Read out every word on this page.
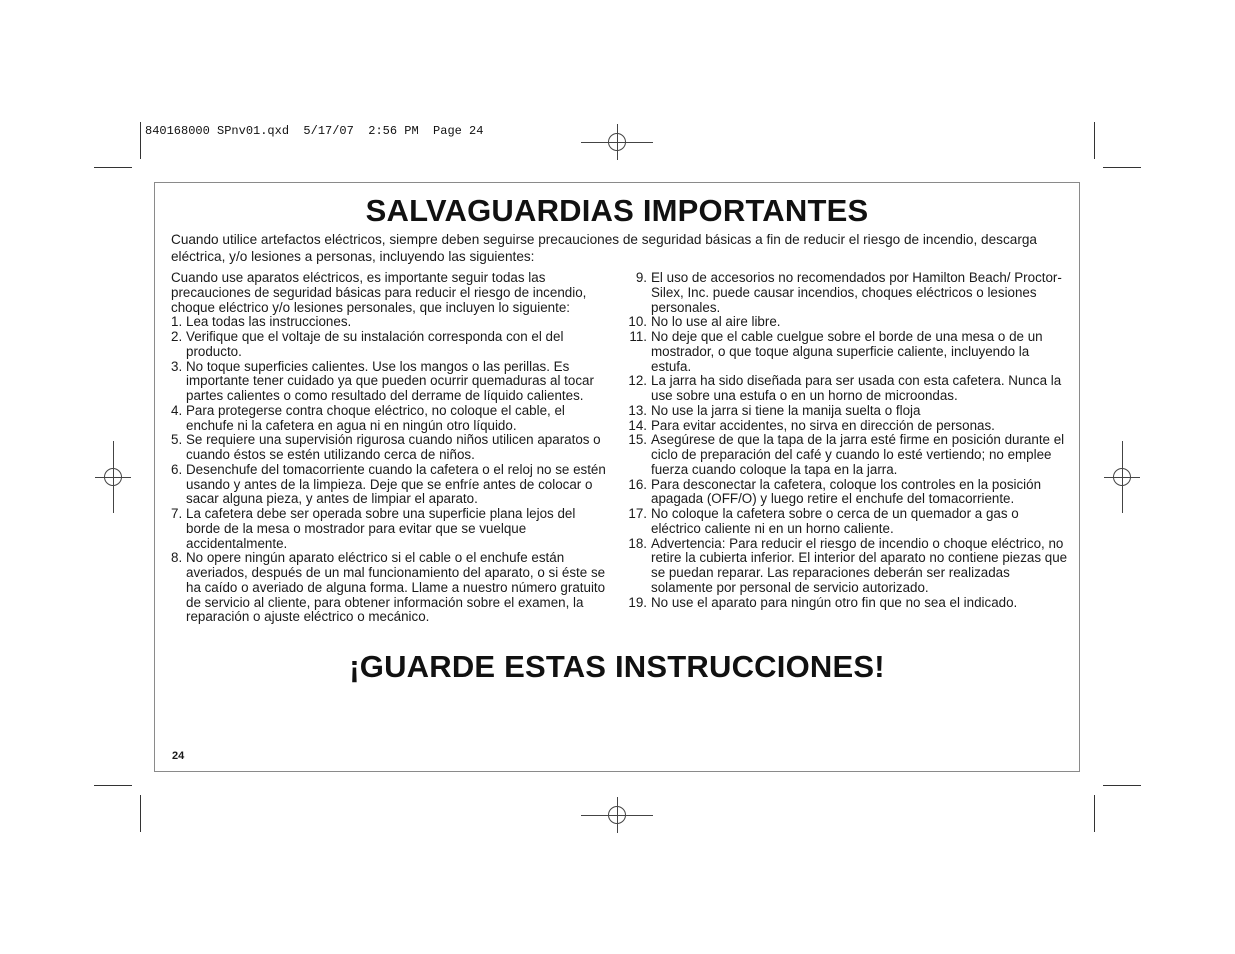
840168000 SPnv01.qxd  5/17/07  2:56 PM  Page 24
SALVAGUARDIAS IMPORTANTES
Cuando utilice artefactos eléctricos, siempre deben seguirse precauciones de seguridad básicas a fin de reducir el riesgo de incendio, descarga eléctrica, y/o lesiones a personas, incluyendo las siguientes:

Cuando use aparatos eléctricos, es importante seguir todas las precauciones de seguridad básicas para reducir el riesgo de incendio, choque eléctrico y/o lesiones personales, que incluyen lo siguiente:

1. Lea todas las instrucciones.
2. Verifique que el voltaje de su instalación corresponda con el del producto.
3. No toque superficies calientes. Use los mangos o las perillas. Es importante tener cuidado ya que pueden ocurrir quemaduras al tocar partes calientes o como resultado del derrame de líquido calientes.
4. Para protegerse contra choque eléctrico, no coloque el cable, el enchufe ni la cafetera en agua ni en ningún otro líquido.
5. Se requiere una supervisión rigurosa cuando niños utilicen aparatos o cuando éstos se estén utilizando cerca de niños.
6. Desenchufe del tomacorriente cuando la cafetera o el reloj no se estén usando y antes de la limpieza. Deje que se enfríe antes de colocar o sacar alguna pieza, y antes de limpiar el aparato.
7. La cafetera debe ser operada sobre una superficie plana lejos del borde de la mesa o mostrador para evitar que se vuelque accidentalmente.
8. No opere ningún aparato eléctrico si el cable o el enchufe están averiados, después de un mal funcionamiento del aparato, o si éste se ha caído o averiado de alguna forma. Llame a nuestro número gratuito de servicio al cliente, para obtener información sobre el examen, la reparación o ajuste eléctrico o mecánico.
9. El uso de accesorios no recomendados por Hamilton Beach/ Proctor-Silex, Inc. puede causar incendios, choques eléctricos o lesiones personales.
10. No lo use al aire libre.
11. No deje que el cable cuelgue sobre el borde de una mesa o de un mostrador, o que toque alguna superficie caliente, incluyendo la estufa.
12. La jarra ha sido diseñada para ser usada con esta cafetera. Nunca la use sobre una estufa o en un horno de microondas.
13. No use la jarra si tiene la manija suelta o floja
14. Para evitar accidentes, no sirva en dirección de personas.
15. Asegúrese de que la tapa de la jarra esté firme en posición durante el ciclo de preparación del café y cuando lo esté vertiendo; no emplee fuerza cuando coloque la tapa en la jarra.
16. Para desconectar la cafetera, coloque los controles en la posición apagada (OFF/O) y luego retire el enchufe del tomacorriente.
17. No coloque la cafetera sobre o cerca de un quemador a gas o eléctrico caliente ni en un horno caliente.
18. Advertencia: Para reducir el riesgo de incendio o choque eléctrico, no retire la cubierta inferior. El interior del aparato no contiene piezas que se puedan reparar. Las reparaciones deberán ser realizadas solamente por personal de servicio autorizado.
19. No use el aparato para ningún otro fin que no sea el indicado.
¡GUARDE ESTAS INSTRUCCIONES!
24
